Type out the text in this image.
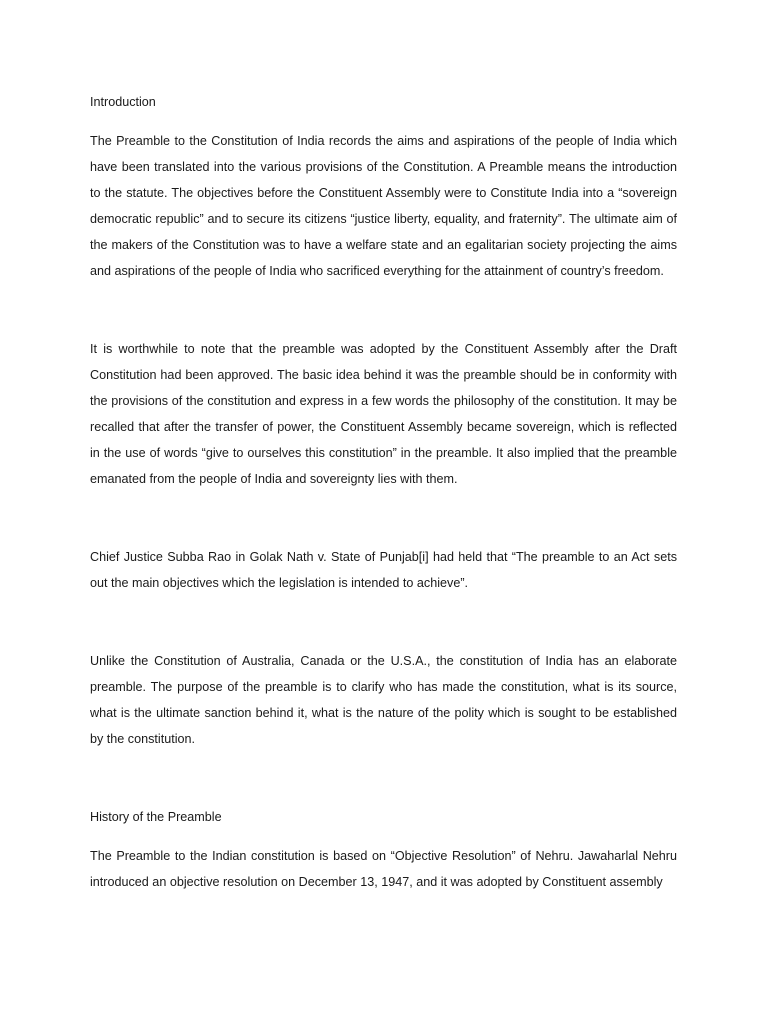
Introduction

The Preamble to the Constitution of India records the aims and aspirations of the people of India which have been translated into the various provisions of the Constitution. A Preamble means the introduction to the statute. The objectives before the Constituent Assembly were to Constitute India into a “sovereign democratic republic” and to secure its citizens “justice liberty, equality, and fraternity”. The ultimate aim of the makers of the Constitution was to have a welfare state and an egalitarian society projecting the aims and aspirations of the people of India who sacrificed everything for the attainment of country’s freedom.

It is worthwhile to note that the preamble was adopted by the Constituent Assembly after the Draft Constitution had been approved. The basic idea behind it was the preamble should be in conformity with the provisions of the constitution and express in a few words the philosophy of the constitution. It may be recalled that after the transfer of power, the Constituent Assembly became sovereign, which is reflected in the use of words “give to ourselves this constitution” in the preamble. It also implied that the preamble emanated from the people of India and sovereignty lies with them.

Chief Justice Subba Rao in Golak Nath v. State of Punjab[i] had held that “The preamble to an Act sets out the main objectives which the legislation is intended to achieve”.

Unlike the Constitution of Australia, Canada or the U.S.A., the constitution of India has an elaborate preamble. The purpose of the preamble is to clarify who has made the constitution, what is its source, what is the ultimate sanction behind it, what is the nature of the polity which is sought to be established by the constitution.

History of the Preamble

The Preamble to the Indian constitution is based on “Objective Resolution” of Nehru. Jawaharlal Nehru introduced an objective resolution on December 13, 1947, and it was adopted by Constituent assembly
